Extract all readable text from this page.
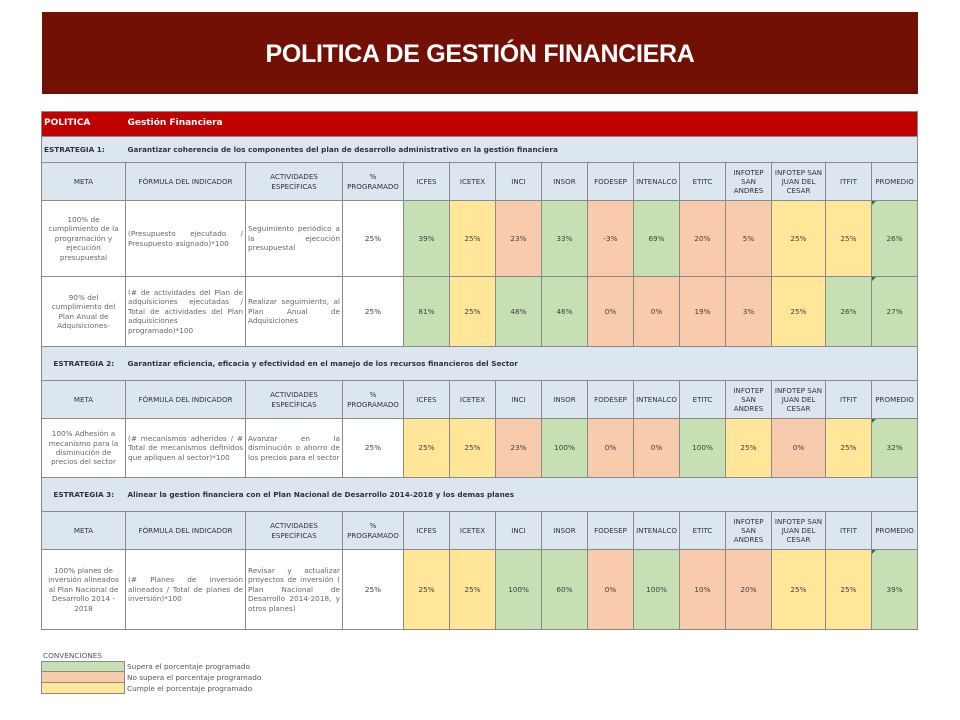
POLITICA DE GESTIÓN FINANCIERA
POLITICA	Gestión Financiera													
ESTRATEGIA 1:	Garantizar coherencia de los componentes del plan de desarrollo administrativo en la gestión financiera													
META	FÓRMULA DEL INDICADOR	ACTIVIDADES ESPECÍFICAS	% PROGRAMADO	ICFES	ICETEX	INCI	INSOR	FODESEP	INTENALCO	ETITC	INFOTEP SAN ANDRES	INFOTEP SAN JUAN DEL CESAR	ITFIT	PROMEDIO
100% de cumplimiento de la programación y ejecución presupuestal	(Presupuesto ejecutado / Presupuesto asignado)*100	Seguimiento periódico a la ejecución presupuestal	25%	39%	25%	23%	33%	-3%	69%	20%	5%	25%	25%	26%
90% del cumplimiento del Plan Anual de Adquisiciones-	(# de actividades del Plan de adquisiciones ejecutadas / Total de actividades del Plan adquisiciones programado)*100	Realizar seguimiento, al Plan Anual de Adquisiciones	25%	81%	25%	48%	46%	0%	0%	19%	3%	25%	26%	27%
ESTRATEGIA 2:	Garantizar eficiencia, eficacia y efectividad en el manejo de los recursos financieros del Sector													
META	FÓRMULA DEL INDICADOR	ACTIVIDADES ESPECÍFICAS	% PROGRAMADO	ICFES	ICETEX	INCI	INSOR	FODESEP	INTENALCO	ETITC	INFOTEP SAN ANDRES	INFOTEP SAN JUAN DEL CESAR	ITFIT	PROMEDIO
100% Adhesión a mecanismo para la disminución de precios del sector	(# mecanismos adheridos / # Total de mecanismos definidos que apliquen al sector)*100	Avanzar en la disminución o ahorro de los precios para el sector	25%	25%	25%	23%	100%	0%	0%	100%	25%	0%	25%	32%
ESTRATEGIA 3:	Alinear la gestion financiera con el Plan Nacional de Desarrollo 2014-2018 y los demas planes													
META	FÓRMULA DEL INDICADOR	ACTIVIDADES ESPECÍFICAS	% PROGRAMADO	ICFES	ICETEX	INCI	INSOR	FODESEP	INTENALCO	ETITC	INFOTEP SAN ANDRES	INFOTEP SAN JUAN DEL CESAR	ITFIT	PROMEDIO
100% planes de inversión alineados al Plan Nacional de Desarrollo 2014 - 2018	(# Planes de inversión alineados / Total de planes de inversión)*100	Revisar y actualizar proyectos de inversión ( Plan Nacional de Desarrollo 2014-2018, y otros planes)	25%	25%	25%	100%	60%	0%	100%	10%	20%	25%	25%	39%
CONVENCIONES
Supera el porcentaje programado
No supera el porcentaje programado
Cumple el porcentaje programado
